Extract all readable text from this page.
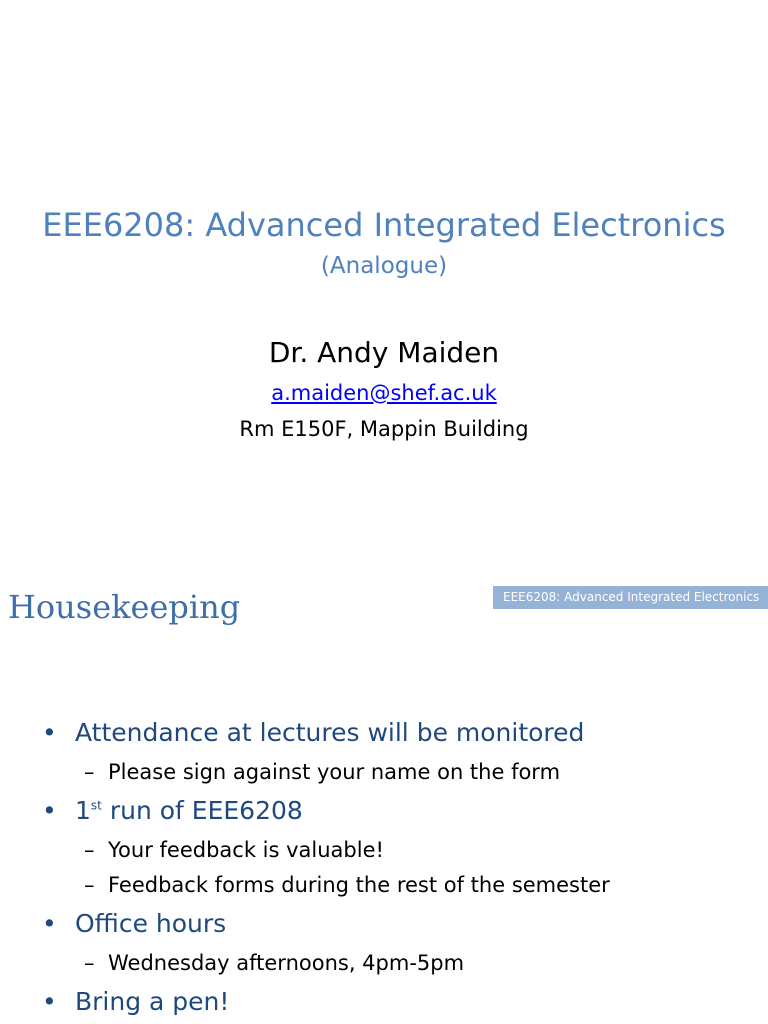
EEE6208: Advanced Integrated Electronics
(Analogue)
Dr. Andy Maiden
a.maiden@shef.ac.uk
Rm E150F, Mappin Building
Housekeeping	EEE6208: Advanced Integrated Electronics
• Attendance at lectures will be monitored
– Please sign against your name on the form
• 1st run of EEE6208
– Your feedback is valuable!
– Feedback forms during the rest of the semester
• Office hours
– Wednesday afternoons, 4pm-5pm
• Bring a pen!
